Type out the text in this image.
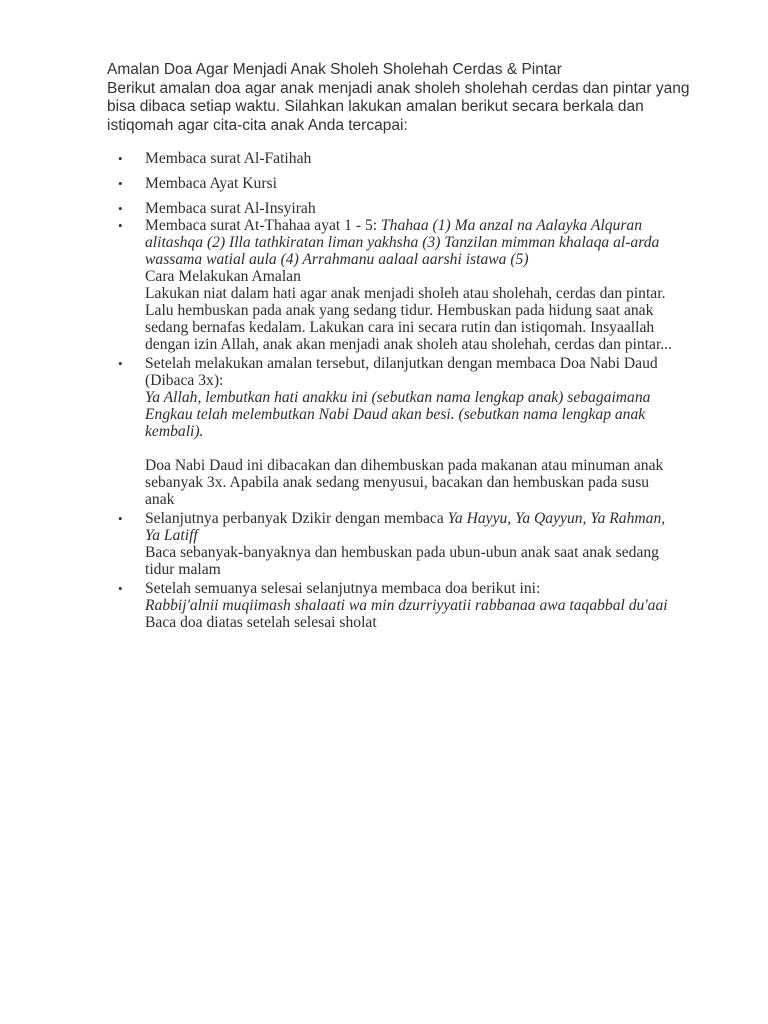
Amalan Doa Agar Menjadi Anak Sholeh Sholehah Cerdas & Pintar

Berikut amalan doa agar anak menjadi anak sholeh sholehah cerdas dan pintar yang bisa dibaca setiap waktu. Silahkan lakukan amalan berikut secara berkala dan istiqomah agar cita-cita anak Anda tercapai:

• Membaca surat Al-Fatihah
• Membaca Ayat Kursi
• Membaca surat Al-Insyirah

• Membaca surat At-Thahaa ayat 1 - 5: Thahaa (1) Ma anzal na Aalayka Alquran alitashqa (2) Illa tathkiratan liman yakhsha (3) Tanzilan mimman khalaqa al-arda wassama watial aula (4) Arrahmanu aalaal aarshi istawa (5)

Cara Melakukan Amalan

Lakukan niat dalam hati agar anak menjadi sholeh atau sholehah, cerdas dan pintar. Lalu hembuskan pada anak yang sedang tidur. Hembuskan pada hidung saat anak sedang bernafas kedalam. Lakukan cara ini secara rutin dan istiqomah. Insyaallah dengan izin Allah, anak akan menjadi anak sholeh atau sholehah, cerdas dan pintar...

• Setelah melakukan amalan tersebut, dilanjutkan dengan membaca Doa Nabi Daud (Dibaca 3x):

Ya Allah, lembutkan hati anakku ini (sebutkan nama lengkap anak) sebagaimana Engkau telah melembutkan Nabi Daud akan besi. (sebutkan nama lengkap anak kembali).

Doa Nabi Daud ini dibacakan dan dihembuskan pada makanan atau minuman anak sebanyak 3x. Apabila anak sedang menyusui, bacakan dan hembuskan pada susu anak

• Selanjutnya perbanyak Dzikir dengan membaca Ya Hayyu, Ya Qayyun, Ya Rahman, Ya Latiff

Baca sebanyak-banyaknya dan hembuskan pada ubun-ubun anak saat anak sedang tidur malam

• Setelah semuanya selesai selanjutnya membaca doa berikut ini:

Rabbij'alnii muqiimash shalaati wa min dzurriyyatii rabbanaa awa taqabbal du'aai

Baca doa diatas setelah selesai sholat
